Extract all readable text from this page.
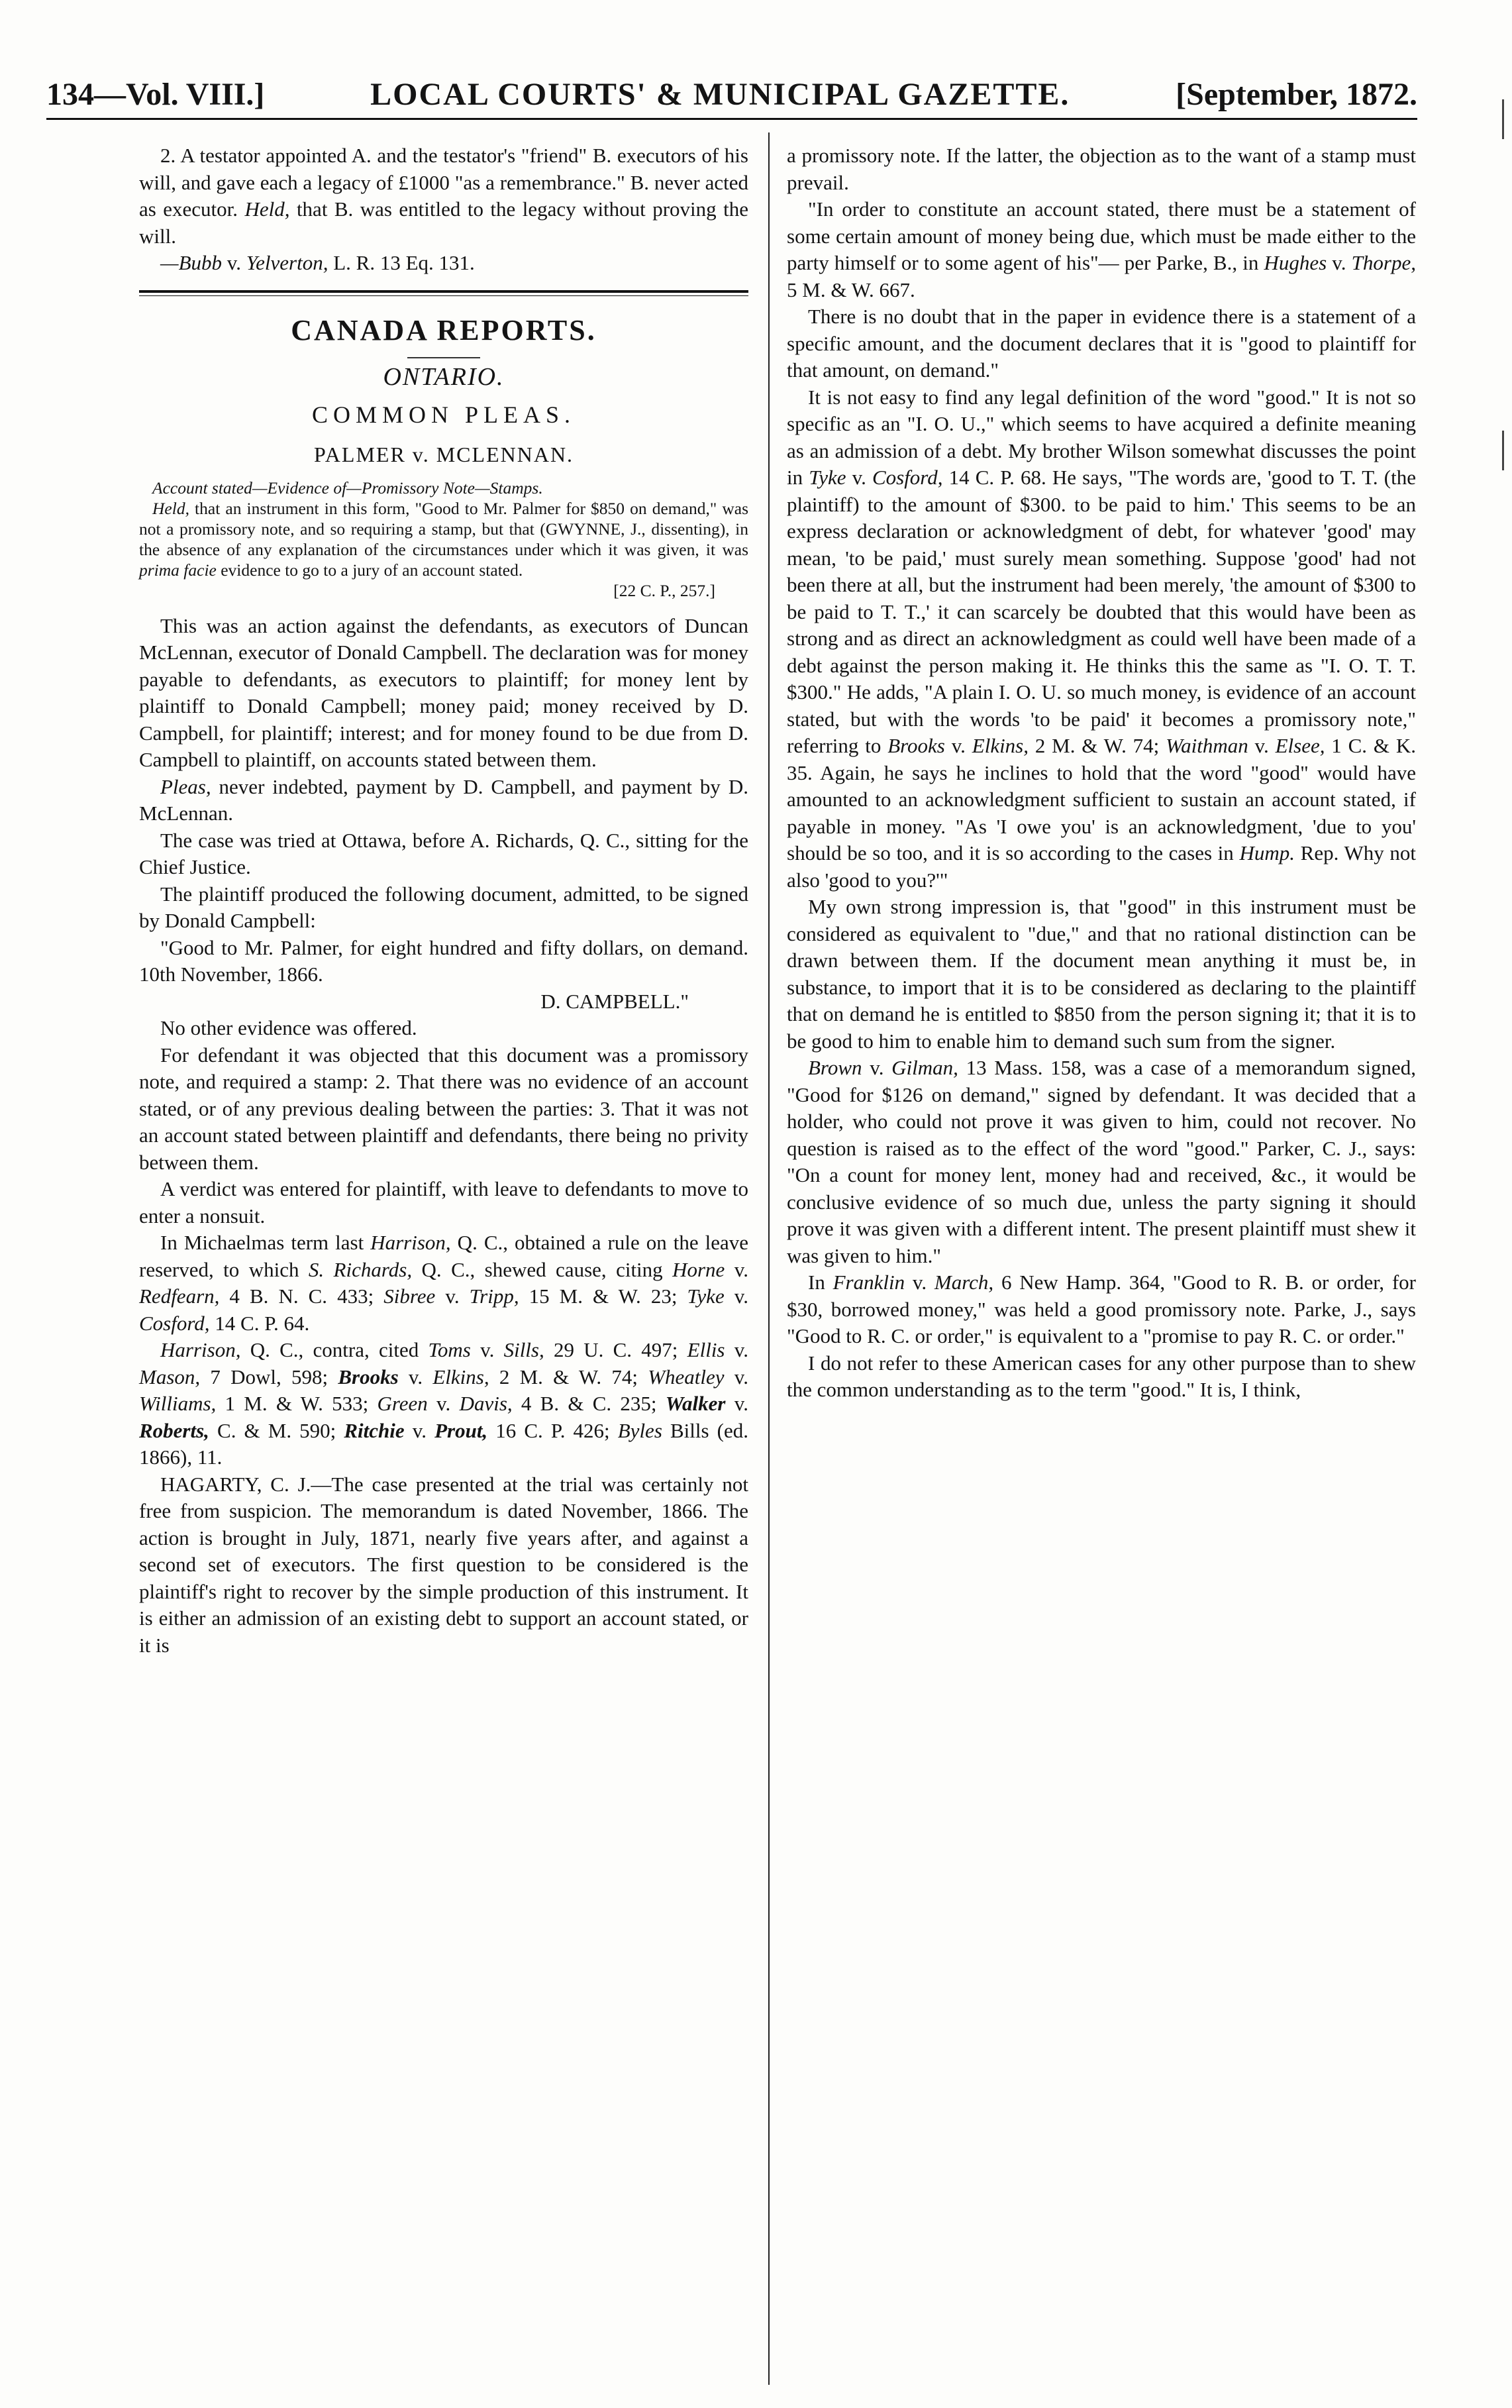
134—Vol. VIII.]	LOCAL COURTS' & MUNICIPAL GAZETTE.	[September, 1872.

2. A testator appointed A. and the testator's "friend" B. executors of his will, and gave each a legacy of £1000 "as a remembrance." B. never acted as executor. Held, that B. was entitled to the legacy without proving the will.

—Bubb v. Yelverton, L. R. 13 Eq. 131.

CANADA REPORTS.
ONTARIO.
COMMON PLEAS.
PALMER v. MCLENNAN.

Account stated—Evidence of—Promissory Note—Stamps.

Held, that an instrument in this form, "Good to Mr. Palmer for $850 on demand," was not a promissory note, and so requiring a stamp, but that (GWYNNE, J., dissenting), in the absence of any explanation of the circumstances under which it was given, it was prima facie evidence to go to a jury of an account stated.

[22 C. P., 257.]

This was an action against the defendants, as executors of Duncan McLennan, executor of Donald Campbell. The declaration was for money payable to defendants, as executors to plaintiff; for money lent by plaintiff to Donald Campbell; money paid; money received by D. Campbell, for plaintiff; interest; and for money found to be due from D. Campbell to plaintiff, on accounts stated between them.

Pleas, never indebted, payment by D. Campbell, and payment by D. McLennan.

The case was tried at Ottawa, before A. Richards, Q. C., sitting for the Chief Justice.

The plaintiff produced the following document, admitted, to be signed by Donald Campbell:

"Good to Mr. Palmer, for eight hundred and fifty dollars, on demand. 10th November, 1866.

D. CAMPBELL."

No other evidence was offered.

For defendant it was objected that this document was a promissory note, and required a stamp: 2. That there was no evidence of an account stated, or of any previous dealing between the parties: 3. That it was not an account stated between plaintiff and defendants, there being no privity between them.

A verdict was entered for plaintiff, with leave to defendants to move to enter a nonsuit.

In Michaelmas term last Harrison, Q. C., obtained a rule on the leave reserved, to which S. Richards, Q. C., shewed cause, citing Horne v. Redfearn, 4 B. N. C. 433; Sibree v. Tripp, 15 M. & W. 23; Tyke v. Cosford, 14 C. P. 64.

Harrison, Q. C., contra, cited Toms v. Sills, 29 U. C. 497; Ellis v. Mason, 7 Dowl, 598; Brooks v. Elkins, 2 M. & W. 74; Wheatley v. Williams, 1 M. & W. 533; Green v. Davis, 4 B. & C. 235; Walker v. Roberts, C. & M. 590; Ritchie v. Prout, 16 C. P. 426; Byles Bills (ed. 1866), 11.

HAGARTY, C. J.—The case presented at the trial was certainly not free from suspicion. The memorandum is dated November, 1866. The action is brought in July, 1871, nearly five years after, and against a second set of executors. The first question to be considered is the plaintiff's right to recover by the simple production of this instrument. It is either an admission of an existing debt to support an account stated, or it is

a promissory note. If the latter, the objection as to the want of a stamp must prevail.

"In order to constitute an account stated, there must be a statement of some certain amount of money being due, which must be made either to the party himself or to some agent of his"— per Parke, B., in Hughes v. Thorpe, 5 M. & W. 667.

There is no doubt that in the paper in evidence there is a statement of a specific amount, and the document declares that it is "good to plaintiff for that amount, on demand."

It is not easy to find any legal definition of the word "good." It is not so specific as an "I. O. U.," which seems to have acquired a definite meaning as an admission of a debt. My brother Wilson somewhat discusses the point in Tyke v. Cosford, 14 C. P. 68. He says, "The words are, 'good to T. T. (the plaintiff) to the amount of $300. to be paid to him.' This seems to be an express declaration or acknowledgment of debt, for whatever 'good' may mean, 'to be paid,' must surely mean something. Suppose 'good' had not been there at all, but the instrument had been merely, 'the amount of $300 to be paid to T. T.,' it can scarcely be doubted that this would have been as strong and as direct an acknowledgment as could well have been made of a debt against the person making it. He thinks this the same as "I. O. T. T. $300." He adds, "A plain I. O. U. so much money, is evidence of an account stated, but with the words 'to be paid' it becomes a promissory note," referring to Brooks v. Elkins, 2 M. & W. 74; Waithman v. Elsee, 1 C. & K. 35. Again, he says he inclines to hold that the word "good" would have amounted to an acknowledgment sufficient to sustain an account stated, if payable in money. "As 'I owe you' is an acknowledgment, 'due to you' should be so too, and it is so according to the cases in Hump. Rep. Why not also 'good to you?'"

My own strong impression is, that "good" in this instrument must be considered as equivalent to "due," and that no rational distinction can be drawn between them. If the document mean anything it must be, in substance, to import that it is to be considered as declaring to the plaintiff that on demand he is entitled to $850 from the person signing it; that it is to be good to him to enable him to demand such sum from the signer.

Brown v. Gilman, 13 Mass. 158, was a case of a memorandum signed, "Good for $126 on demand," signed by defendant. It was decided that a holder, who could not prove it was given to him, could not recover. No question is raised as to the effect of the word "good." Parker, C. J., says: "On a count for money lent, money had and received, &c., it would be conclusive evidence of so much due, unless the party signing it should prove it was given with a different intent. The present plaintiff must shew it was given to him."

In Franklin v. March, 6 New Hamp. 364, "Good to R. B. or order, for $30, borrowed money," was held a good promissory note. Parke, J., says "Good to R. C. or order," is equivalent to a "promise to pay R. C. or order."

I do not refer to these American cases for any other purpose than to shew the common understanding as to the term "good." It is, I think,
